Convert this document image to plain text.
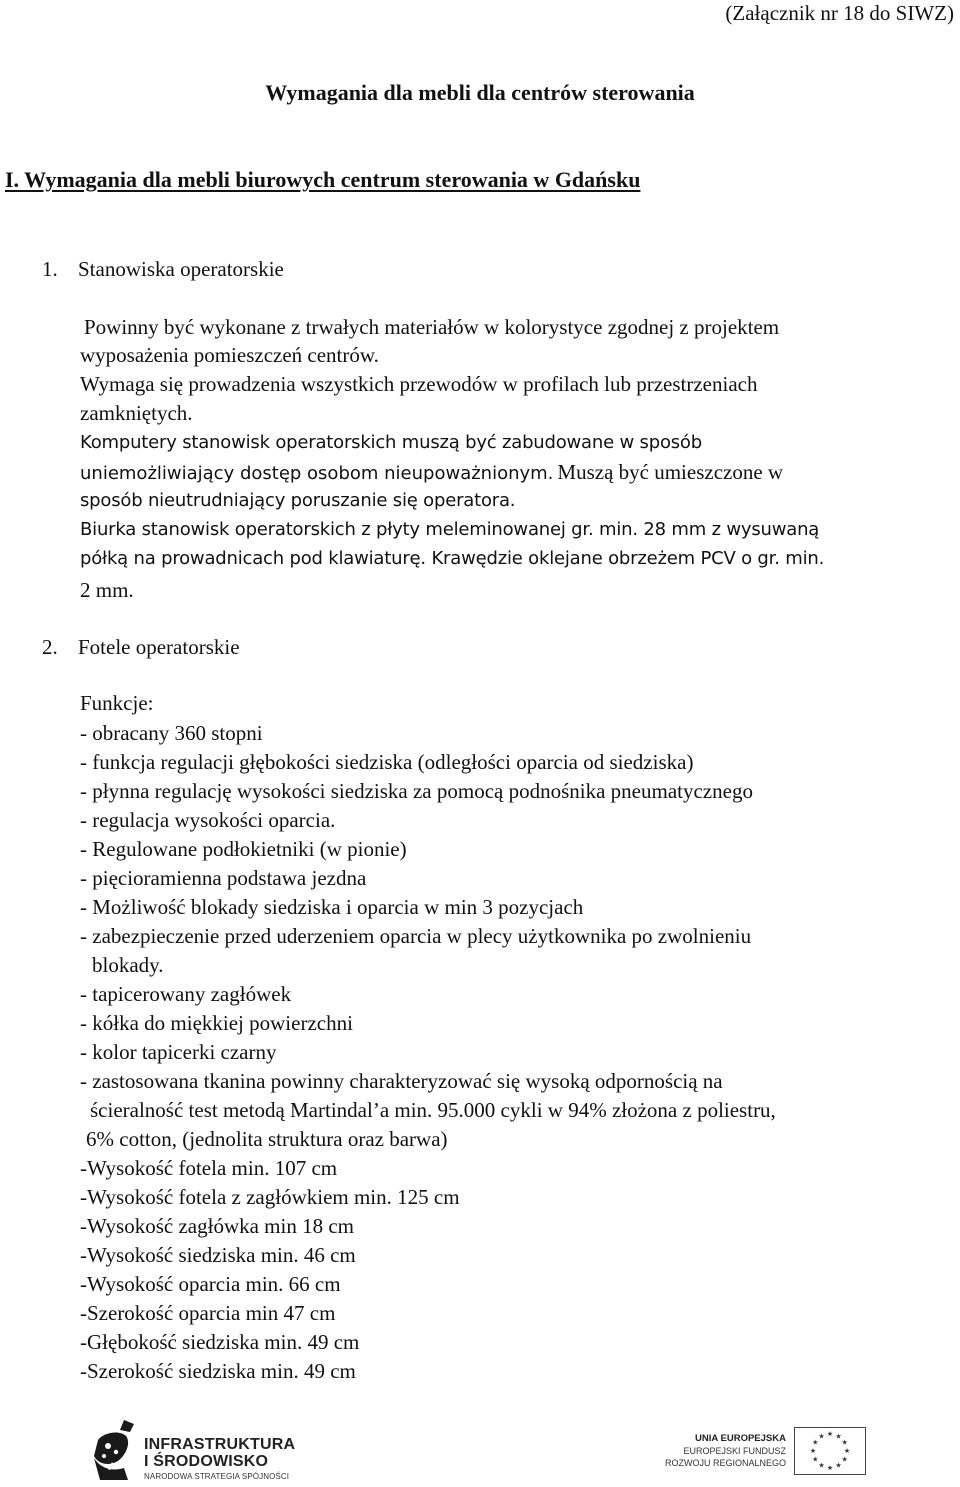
(Załącznik nr 18 do SIWZ)
Wymagania dla mebli dla centrów sterowania
I. Wymagania dla mebli biurowych centrum sterowania w Gdańsku
1. Stanowiska operatorskie
Powinny być wykonane z trwałych materiałów w kolorystyce zgodnej z projektem
wyposażenia pomieszczeń centrów.
Wymaga się prowadzenia wszystkich przewodów w profilach lub przestrzeniach
zamkniętych.
Komputery stanowisk operatorskich muszą być zabudowane w sposób
uniemożliwiający dostęp osobom nieupoważnionym. Muszą być umieszczone w
sposób nieutrudniający poruszanie się operatora.
Biurka stanowisk operatorskich z płyty meleminowanej gr. min. 28 mm z wysuwaną
półką na prowadnicach pod klawiaturę. Krawędzie oklejane obrzeżem PCV o gr. min.
2 mm.
2. Fotele operatorskie
Funkcje:
- obracany 360 stopni
- funkcja regulacji głębokości siedziska (odległości oparcia od siedziska)
- płynna regulację wysokości siedziska za pomocą podnośnika pneumatycznego
- regulacja wysokości oparcia.
- Regulowane podłokietniki (w pionie)
- pięcioramienna podstawa jezdna
- Możliwość blokady siedziska i oparcia w min 3 pozycjach
- zabezpieczenie przed uderzeniem oparcia w plecy użytkownika po zwolnieniu
blokady.
- tapicerowany zagłówek
- kółka do miękkiej powierzchni
- kolor tapicerki czarny
- zastosowana tkanina powinny charakteryzować się wysoką odpornością na
ścieralność test metodą Martindal’a min. 95.000 cykli w 94% złożona z poliestru,
6% cotton, (jednolita struktura oraz barwa)
-Wysokość fotela min. 107 cm
-Wysokość fotela z zagłówkiem min. 125 cm
-Wysokość zagłówka min 18 cm
-Wysokość siedziska min. 46 cm
-Wysokość oparcia min. 66 cm
-Szerokość oparcia min 47 cm
-Głębokość siedziska min. 49 cm
-Szerokość siedziska min. 49 cm
INFRASTRUKTURA
I ŚRODOWISKO
NARODOWA STRATEGIA SPÓJNOŚCI
UNIA EUROPEJSKA
EUROPEJSKI FUNDUSZ
ROZWOJU REGIONALNEGO
★ ★
★
★
★
★
★
★
★
★
★
★
